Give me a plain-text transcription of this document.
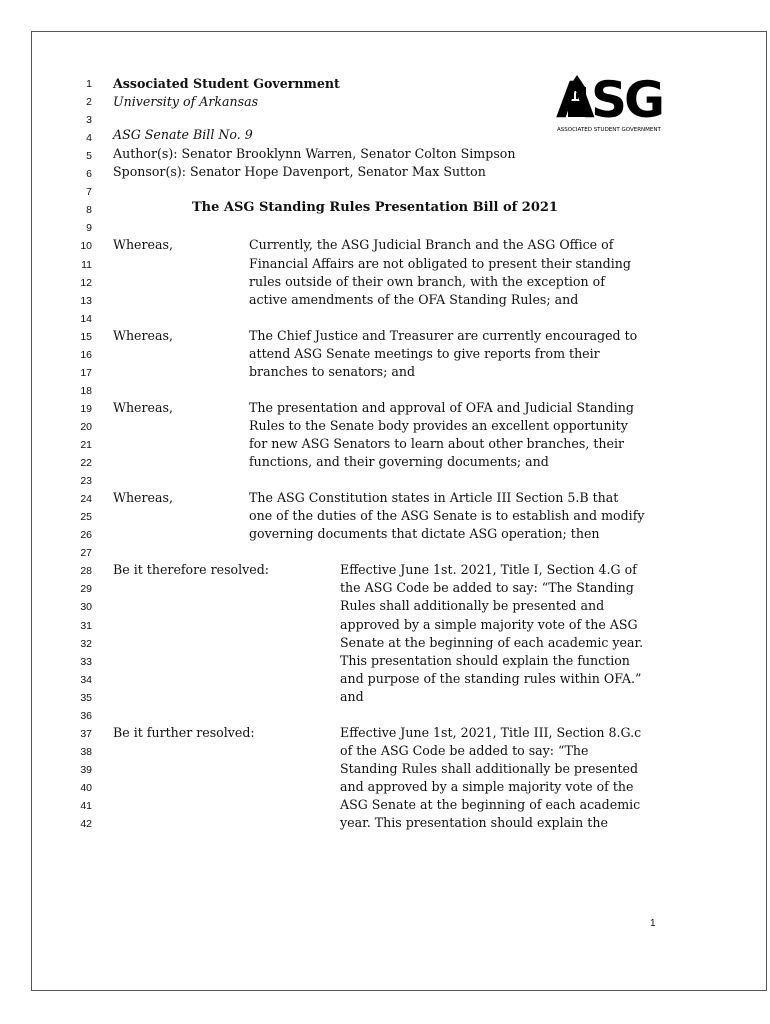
1
2
3
4
5
6
7
8
9
10
11
12
13
14
15
16
17
18
19
20
21
22
23
24
25
26
27
28
29
30
31
32
33
34
35
36
37
38
39
40
41
42
Associated Student Government
University of Arkansas
ASG Senate Bill No. 9
Author(s): Senator Brooklynn Warren, Senator Colton Simpson
Sponsor(s): Senator Hope Davenport, Senator Max Sutton
A SG
ASSOCIATED STUDENT GOVERNMENT
The ASG Standing Rules Presentation Bill of 2021
Whereas,	Currently, the ASG Judicial Branch and the ASG Office of
Financial Affairs are not obligated to present their standing
rules outside of their own branch, with the exception of
active amendments of the OFA Standing Rules; and
Whereas,	The Chief Justice and Treasurer are currently encouraged to
attend ASG Senate meetings to give reports from their
branches to senators; and
Whereas,	The presentation and approval of OFA and Judicial Standing
Rules to the Senate body provides an excellent opportunity
for new ASG Senators to learn about other branches, their
functions, and their governing documents; and
Whereas,	The ASG Constitution states in Article III Section 5.B that
one of the duties of the ASG Senate is to establish and modify
governing documents that dictate ASG operation; then
Be it therefore resolved:	Effective June 1st. 2021, Title I, Section 4.G of
the ASG Code be added to say: “The Standing
Rules shall additionally be presented and
approved by a simple majority vote of the ASG
Senate at the beginning of each academic year.
This presentation should explain the function
and purpose of the standing rules within OFA.”
and
Be it further resolved:	Effective June 1st, 2021, Title III, Section 8.G.c
of the ASG Code be added to say: “The
Standing Rules shall additionally be presented
and approved by a simple majority vote of the
ASG Senate at the beginning of each academic
year. This presentation should explain the
1
